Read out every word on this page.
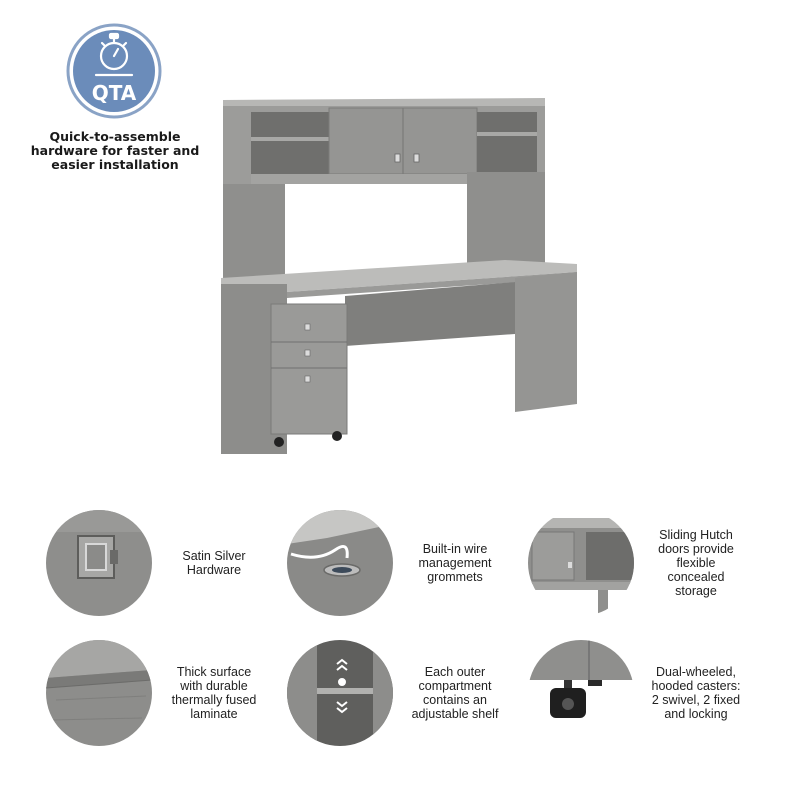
QTA
Quick-to-assemble
hardware for faster and
easier installation
Satin Silver
Hardware
Built-in wire
management
grommets
Sliding Hutch
doors provide
flexible
concealed
storage
Thick surface
with durable
thermally fused
laminate
Each outer
compartment
contains an
adjustable shelf
Dual-wheeled,
hooded casters:
2 swivel, 2 fixed
and locking
